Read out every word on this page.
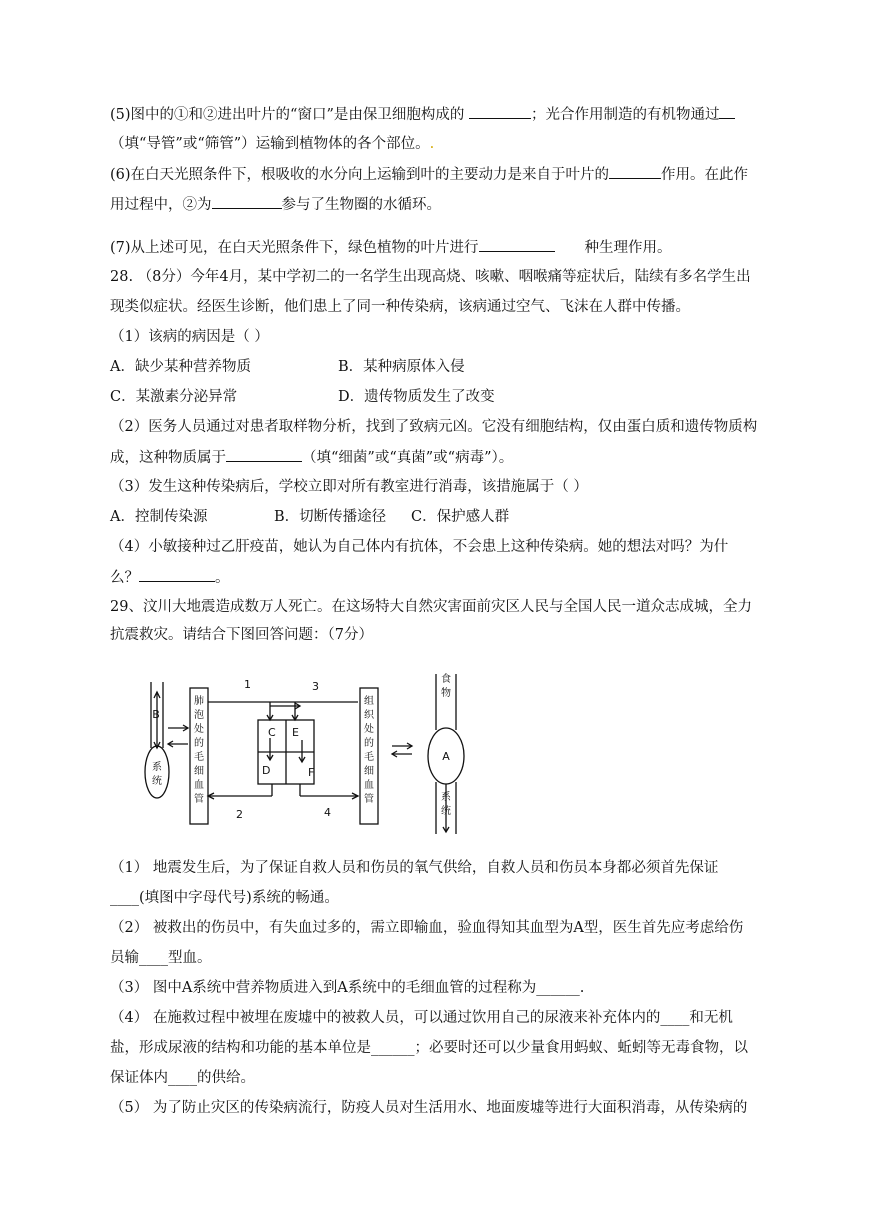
(5)图中的①和②进出叶片的“窗口”是由保卫细胞构成的	；光合作用制造的有机物通过
（填“导管”或“筛管”）运输到植物体的各个部位。.
(6)在白天光照条件下，根吸收的水分向上运输到叶的主要动力是来自于叶片的	作用。在此作
用过程中，②为	参与了生物圈的水循环。
(7)从上述可见，在白天光照条件下，绿色植物的叶片进行	种生理作用。
28. （8分）今年4月，某中学初二的一名学生出现高烧、咳嗽、咽喉痛等症状后，陆续有多名学生出
现类似症状。经医生诊断，他们患上了同一种传染病，该病通过空气、飞沫在人群中传播。
（1）该病的病因是（ ）
A．缺少某种营养物质	B．某种病原体入侵
C．某激素分泌异常	D．遗传物质发生了改变
（2）医务人员通过对患者取样物分析，找到了致病元凶。它没有细胞结构，仅由蛋白质和遗传物质构
成，这种物质属于	（填“细菌”或“真菌”或“病毒”）。
（3）发生这种传染病后，学校立即对所有教室进行消毒，该措施属于（ ）
A．控制传染源	B．切断传播途径 C．保护感人群
（4）小敏接种过乙肝疫苗，她认为自己体内有抗体，不会患上这种传染病。她的想法对吗？为什
么？	。
29、汶川大地震造成数万人死亡。在这场特大自然灾害面前灾区人民与全国人民一道众志成城，全力
抗震救灾。请结合下图回答问题：（7分）
B
系
统
1	3
2	4
C E
D	F
肺
泡
处
的
毛
细
血
管
组
织
处
的
毛
细
血
管
食
物
A
系
统
（1） 地震发生后，为了保证自救人员和伤员的氧气供给，自救人员和伤员本身都必须首先保证
____(填图中字母代号)系统的畅通。
（2） 被救出的伤员中，有失血过多的，需立即输血，验血得知其血型为A型，医生首先应考虑给伤
员输____型血。
（3） 图中A系统中营养物质进入到A系统中的毛细血管的过程称为______.
（4） 在施救过程中被埋在废墟中的被救人员，可以通过饮用自己的尿液来补充体内的____和无机
盐，形成尿液的结构和功能的基本单位是______；必要时还可以少量食用蚂蚁、蚯蚓等无毒食物，以
保证体内____的供给。
（5） 为了防止灾区的传染病流行，防疫人员对生活用水、地面废墟等进行大面积消毒，从传染病的
